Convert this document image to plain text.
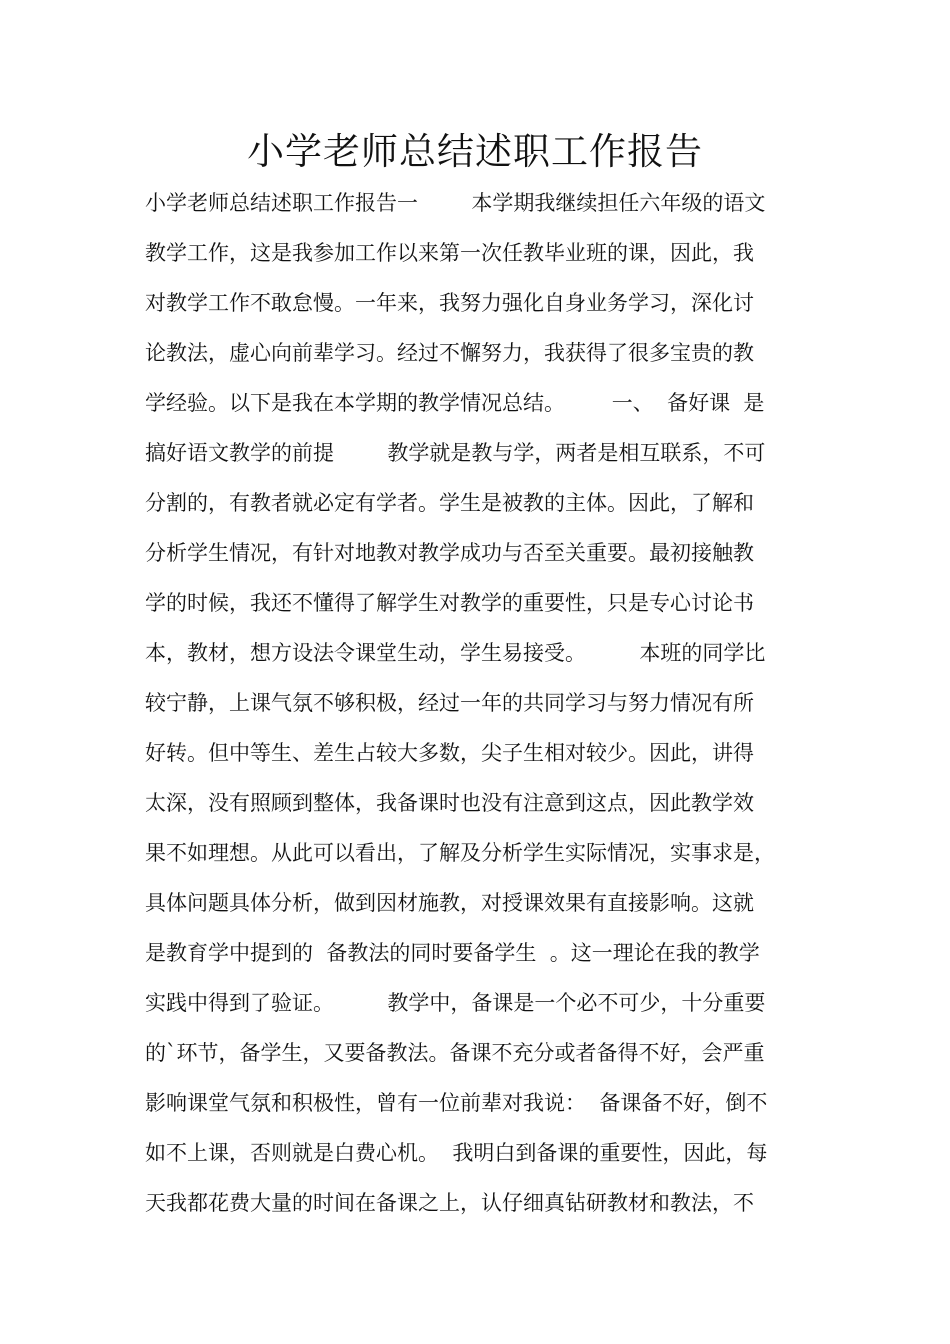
小学老师总结述职工作报告
小学老师总结述职工作报告一        本学期我继续担任六年级的语文
教学工作，这是我参加工作以来第一次任教毕业班的课，因此，我
对教学工作不敢怠慢。一年来，我努力强化自身业务学习，深化讨
论教法，虚心向前辈学习。经过不懈努力，我获得了很多宝贵的教
学经验。以下是我在本学期的教学情况总结。       一、  备好课  是
搞好语文教学的前提        教学就是教与学，两者是相互联系，不可
分割的，有教者就必定有学者。学生是被教的主体。因此，了解和
分析学生情况，有针对地教对教学成功与否至关重要。最初接触教
学的时候，我还不懂得了解学生对教学的重要性，只是专心讨论书
本，教材，想方设法令课堂生动，学生易接受。        本班的同学比
较宁静，上课气氛不够积极，经过一年的共同学习与努力情况有所
好转。但中等生、差生占较大多数，尖子生相对较少。因此，讲得
太深，没有照顾到整体，我备课时也没有注意到这点，因此教学效
果不如理想。从此可以看出，了解及分析学生实际情况，实事求是，
具体问题具体分析，做到因材施教，对授课效果有直接影响。这就
是教育学中提到的  备教法的同时要备学生  。这一理论在我的教学
实践中得到了验证。        教学中，备课是一个必不可少，十分重要
的`环节，备学生，又要备教法。备课不充分或者备得不好，会严重
影响课堂气氛和积极性，曾有一位前辈对我说：  备课备不好，倒不
如不上课，否则就是白费心机。  我明白到备课的重要性，因此，每
天我都花费大量的时间在备课之上，认仔细真钻研教材和教法，不
